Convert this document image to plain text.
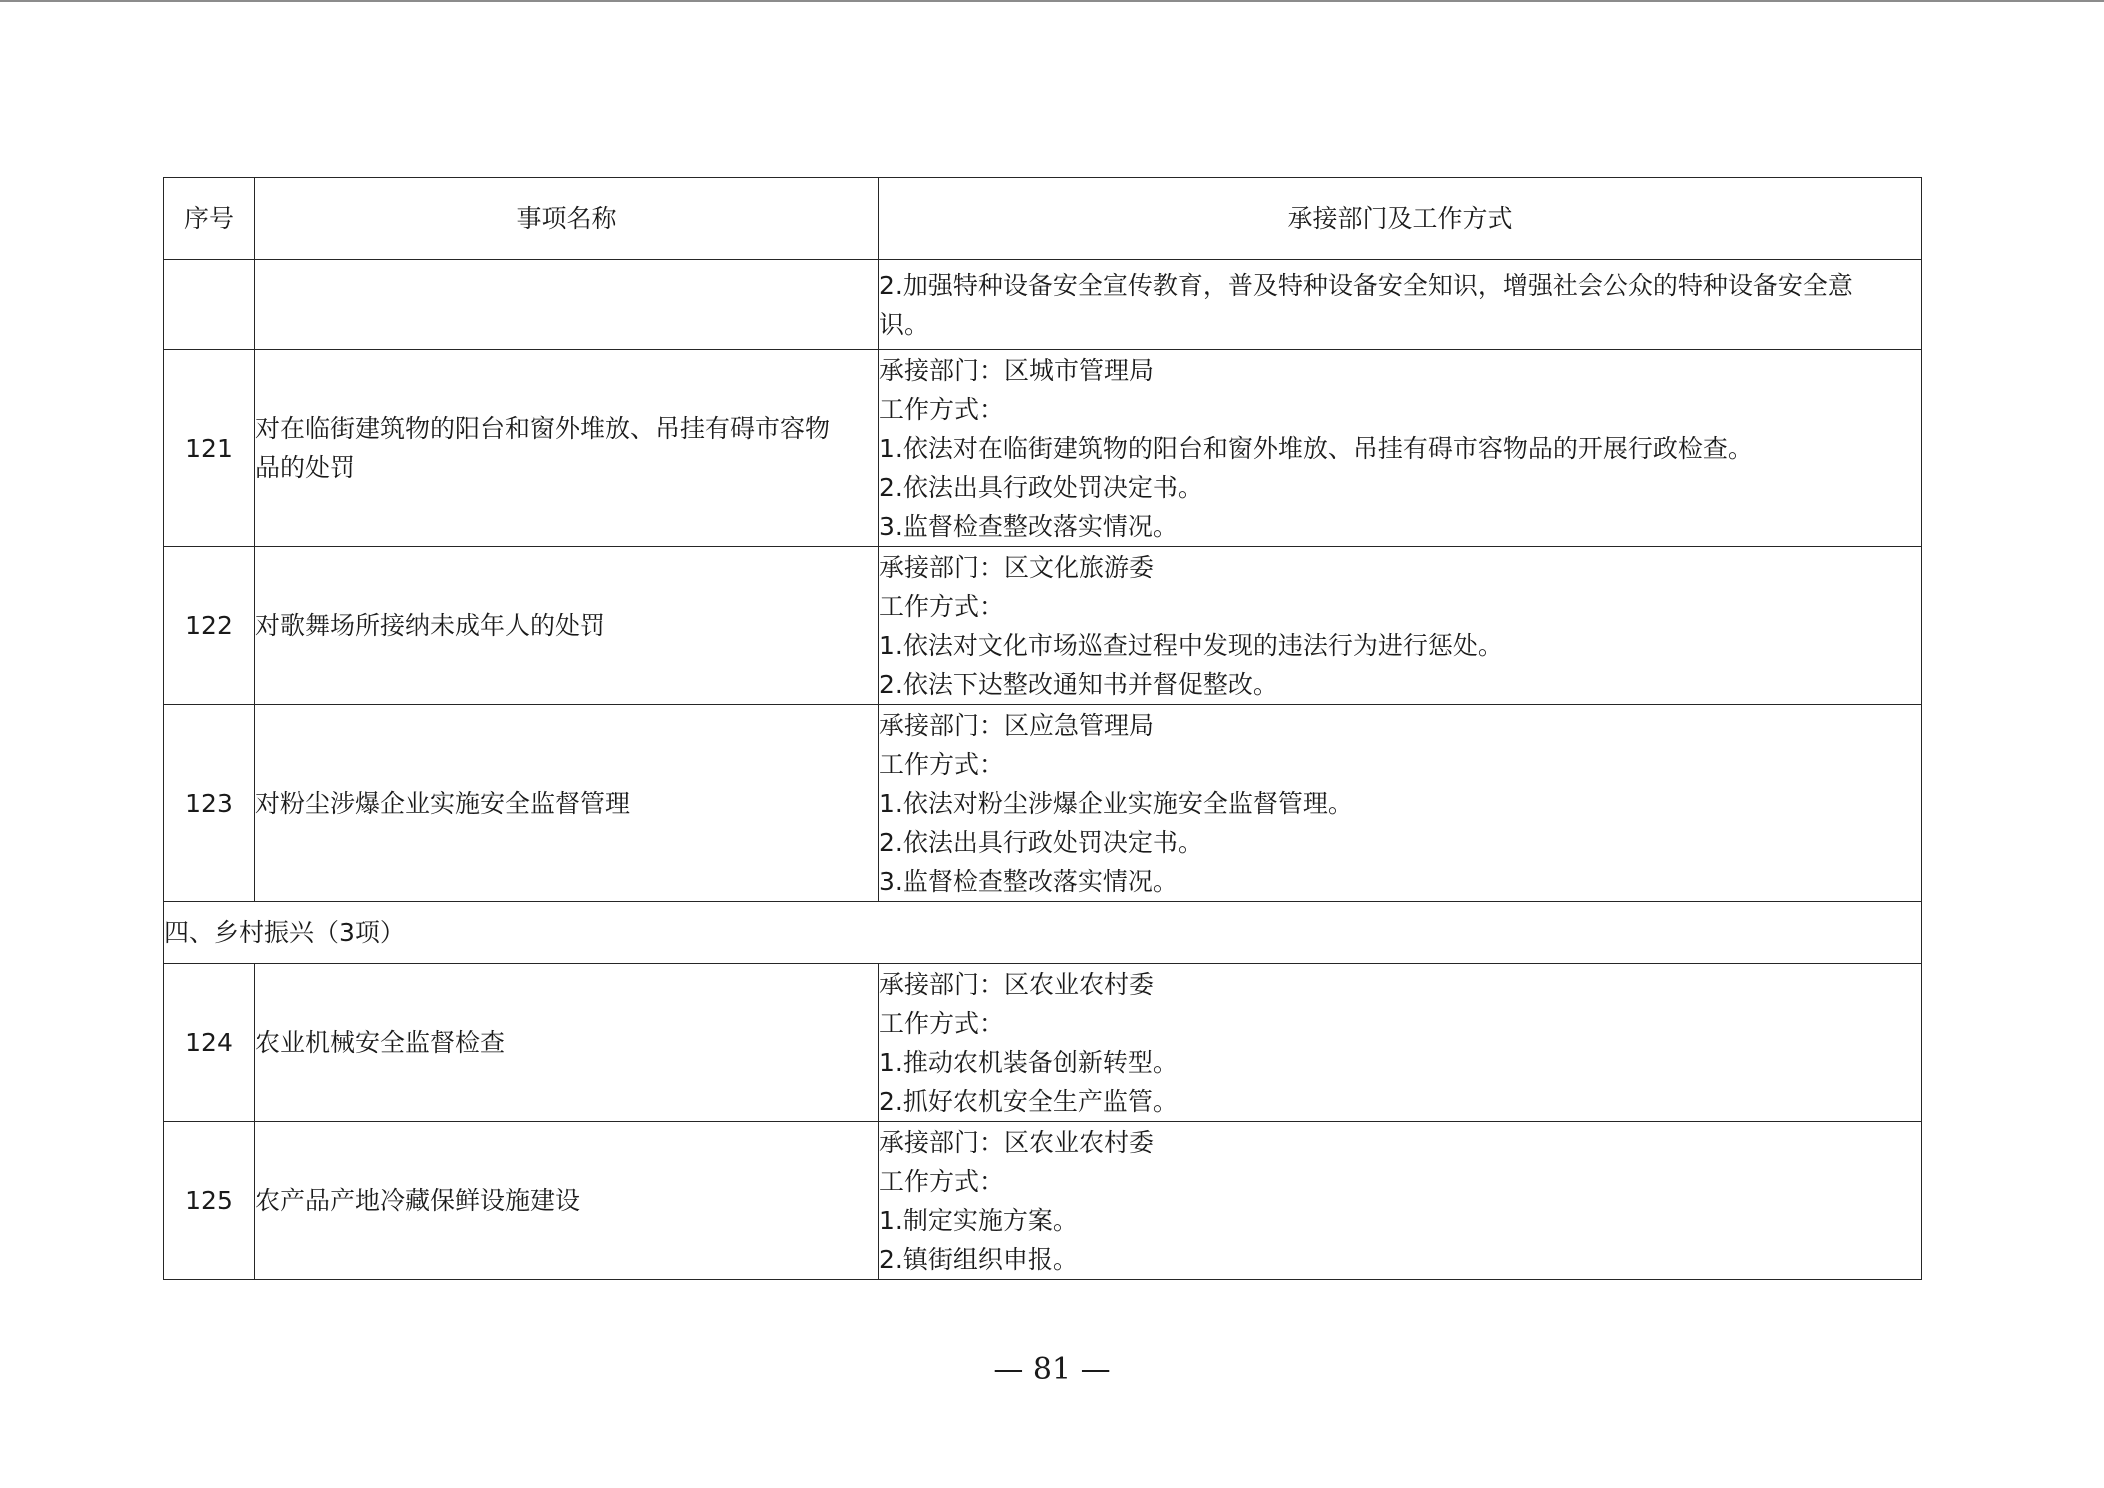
序号	事项名称	承接部门及工作方式

		2.加强特种设备安全宣传教育，普及特种设备安全知识，增强社会公众的特种设备安全意
识。

121	对在临街建筑物的阳台和窗外堆放、吊挂有碍市容物
品的处罚	承接部门：区城市管理局
工作方式：
1.依法对在临街建筑物的阳台和窗外堆放、吊挂有碍市容物品的开展行政检查。
2.依法出具行政处罚决定书。
3.监督检查整改落实情况。

122	对歌舞场所接纳未成年人的处罚	承接部门：区文化旅游委
工作方式：
1.依法对文化市场巡查过程中发现的违法行为进行惩处。
2.依法下达整改通知书并督促整改。

123	对粉尘涉爆企业实施安全监督管理	承接部门：区应急管理局
工作方式：
1.依法对粉尘涉爆企业实施安全监督管理。
2.依法出具行政处罚决定书。
3.监督检查整改落实情况。

四、乡村振兴（3项）		
124	农业机械安全监督检查	承接部门：区农业农村委
工作方式：
1.推动农机装备创新转型。
2.抓好农机安全生产监管。

125	农产品产地冷藏保鲜设施建设	承接部门：区农业农村委
工作方式：
1.制定实施方案。
2.镇街组织申报。
— 81 —
